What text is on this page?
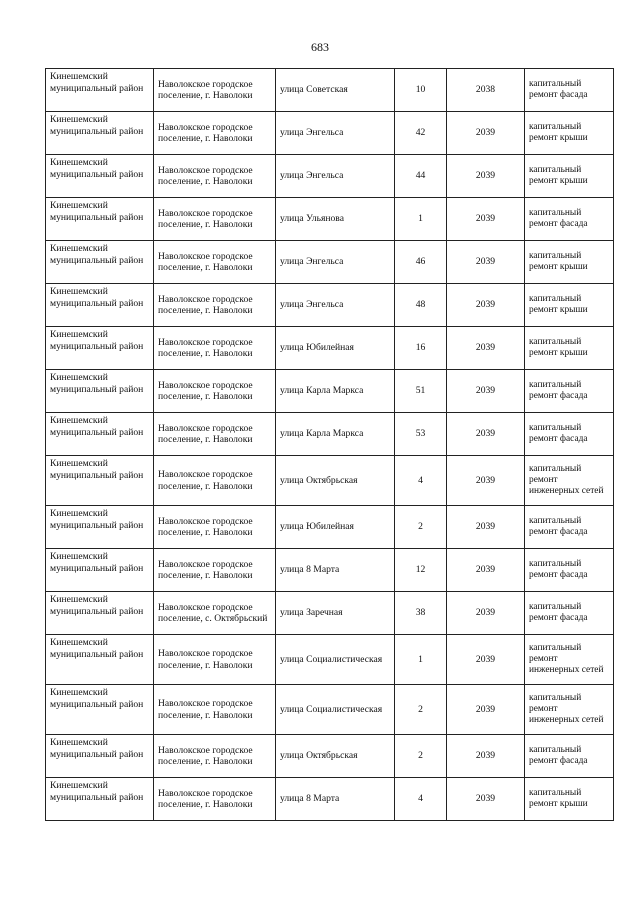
683
Кинешемский муниципальный район	Наволокское городское поселение, г. Наволоки	улица Советская	10	2038	капитальный ремонт фасада

Кинешемский муниципальный район	Наволокское городское поселение, г. Наволоки	улица Энгельса	42	2039	капитальный ремонт крыши

Кинешемский муниципальный район	Наволокское городское поселение, г. Наволоки	улица Энгельса	44	2039	капитальный ремонт крыши

Кинешемский муниципальный район	Наволокское городское поселение, г. Наволоки	улица Ульянова	1	2039	капитальный ремонт фасада

Кинешемский муниципальный район	Наволокское городское поселение, г. Наволоки	улица Энгельса	46	2039	капитальный ремонт крыши

Кинешемский муниципальный район	Наволокское городское поселение, г. Наволоки	улица Энгельса	48	2039	капитальный ремонт крыши

Кинешемский муниципальный район	Наволокское городское поселение, г. Наволоки	улица Юбилейная	16	2039	капитальный ремонт крыши

Кинешемский муниципальный район	Наволокское городское поселение, г. Наволоки	улица Карла Маркса	51	2039	капитальный ремонт фасада

Кинешемский муниципальный район	Наволокское городское поселение, г. Наволоки	улица Карла Маркса	53	2039	капитальный ремонт фасада

Кинешемский муниципальный район	Наволокское городское поселение, г. Наволоки	улица Октябрьская	4	2039	капитальный ремонт инженерных сетей

Кинешемский муниципальный район	Наволокское городское поселение, г. Наволоки	улица Юбилейная	2	2039	капитальный ремонт фасада

Кинешемский муниципальный район	Наволокское городское поселение, г. Наволоки	улица 8 Марта	12	2039	капитальный ремонт фасада

Кинешемский муниципальный район	Наволокское городское поселение, с. Октябрьский	улица Заречная	38	2039	капитальный ремонт фасада

Кинешемский муниципальный район	Наволокское городское поселение, г. Наволоки	улица Социалистическая	1	2039	капитальный ремонт инженерных сетей

Кинешемский муниципальный район	Наволокское городское поселение, г. Наволоки	улица Социалистическая	2	2039	капитальный ремонт инженерных сетей

Кинешемский муниципальный район	Наволокское городское поселение, г. Наволоки	улица Октябрьская	2	2039	капитальный ремонт фасада

Кинешемский муниципальный район	Наволокское городское поселение, г. Наволоки	улица 8 Марта	4	2039	капитальный ремонт крыши
